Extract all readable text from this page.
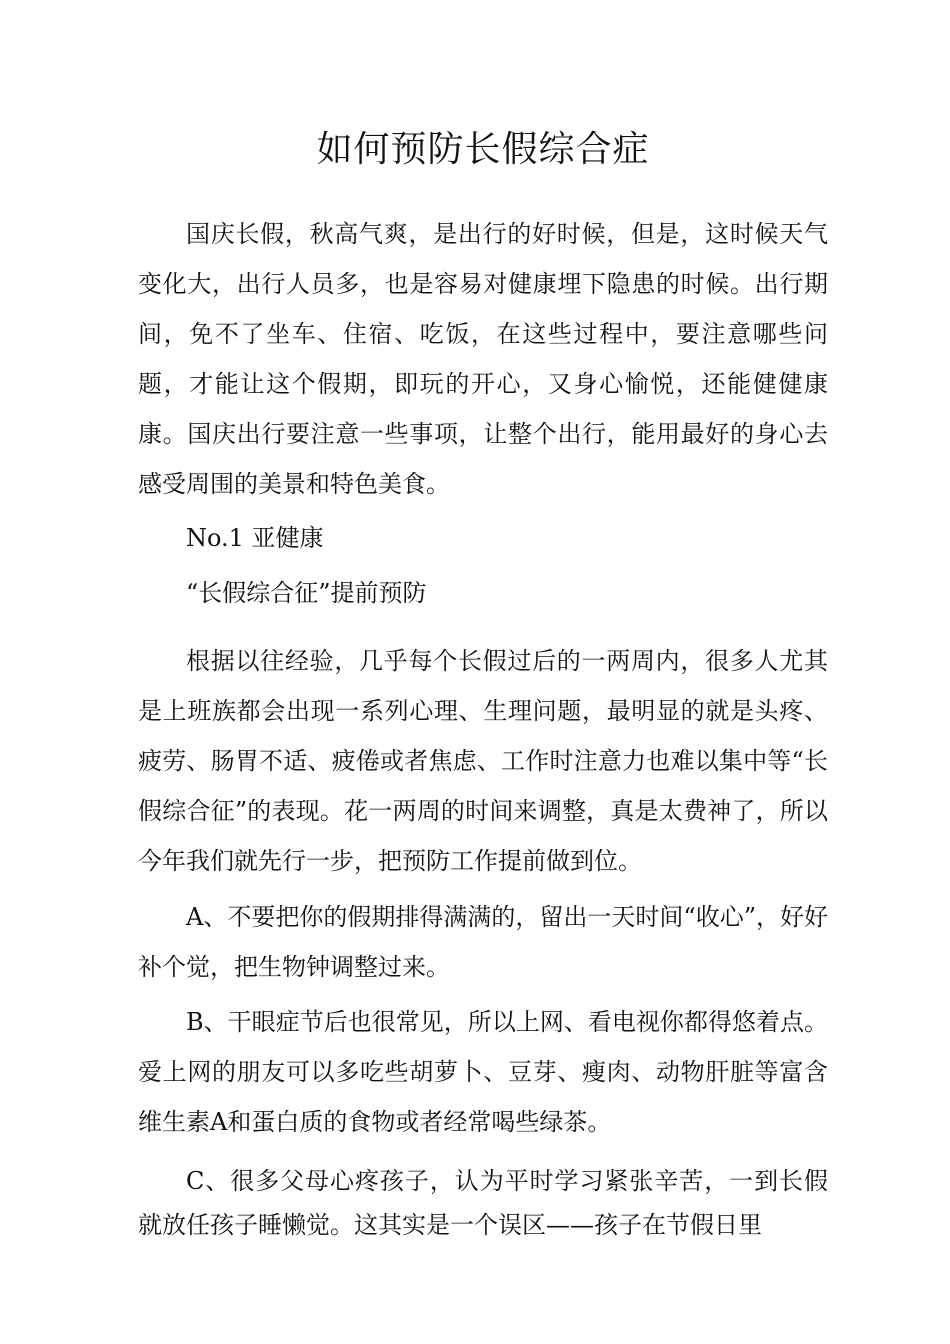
如何预防长假综合症

国庆长假，秋高气爽，是出行的好时候，但是，这时候天气变化大，出行人员多，也是容易对健康埋下隐患的时候。出行期间，免不了坐车、住宿、吃饭，在这些过程中，要注意哪些问题，才能让这个假期，即玩的开心，又身心愉悦，还能健健康康。国庆出行要注意一些事项，让整个出行，能用最好的身心去感受周围的美景和特色美食。

No.1 亚健康

“长假综合征”提前预防

根据以往经验，几乎每个长假过后的一两周内，很多人尤其是上班族都会出现一系列心理、生理问题，最明显的就是头疼、疲劳、肠胃不适、疲倦或者焦虑、工作时注意力也难以集中等“长假综合征”的表现。花一两周的时间来调整，真是太费神了，所以今年我们就先行一步，把预防工作提前做到位。

A、不要把你的假期排得满满的，留出一天时间“收心”，好好补个觉，把生物钟调整过来。

B、干眼症节后也很常见，所以上网、看电视你都得悠着点。爱上网的朋友可以多吃些胡萝卜、豆芽、瘦肉、动物肝脏等富含维生素A和蛋白质的食物或者经常喝些绿茶。

C、很多父母心疼孩子，认为平时学习紧张辛苦，一到长假就放任孩子睡懒觉。这其实是一个误区——孩子在节假日里
